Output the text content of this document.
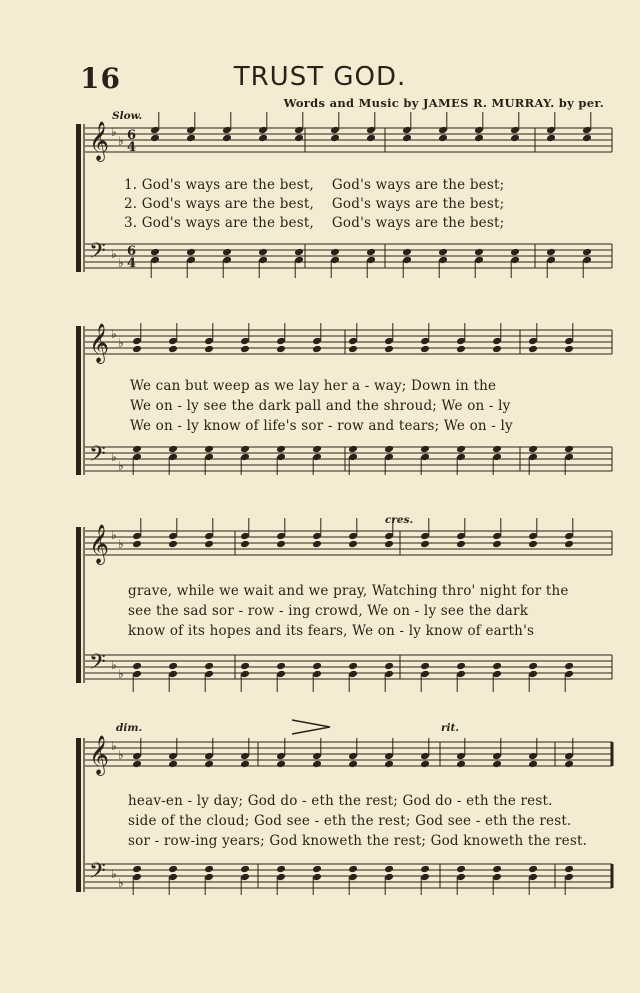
16	TRUST GOD.
Words and Music by JAMES R. MURRAY. by per.
Slow.
𝄞 ♭
♭
𝄢 ♭
♭
6
4
6
4
1. God's ways are the best,    God's ways are the best;
2. God's ways are the best,    God's ways are the best;
3. God's ways are the best,    God's ways are the best;
𝄞 ♭
♭
𝄢 ♭
♭
We can but weep as we lay her a - way; Down in the
We on - ly see the dark pall and the shroud; We on - ly
We on - ly know of life's sor - row and tears; We on - ly
cres.
𝄞 ♭
♭
𝄢 ♭
♭
grave, while we wait and we pray, Watching thro' night for the
see the sad sor - row - ing crowd, We on - ly see the dark
know of its hopes and its fears, We on - ly know of earth's
dim.	rit.
𝄞 ♭
♭
𝄢 ♭
♭
heav-en - ly day; God do - eth the rest; God do - eth the rest.
side of the cloud; God see - eth the rest; God see - eth the rest.
sor - row-ing years; God knoweth the rest; God knoweth the rest.
